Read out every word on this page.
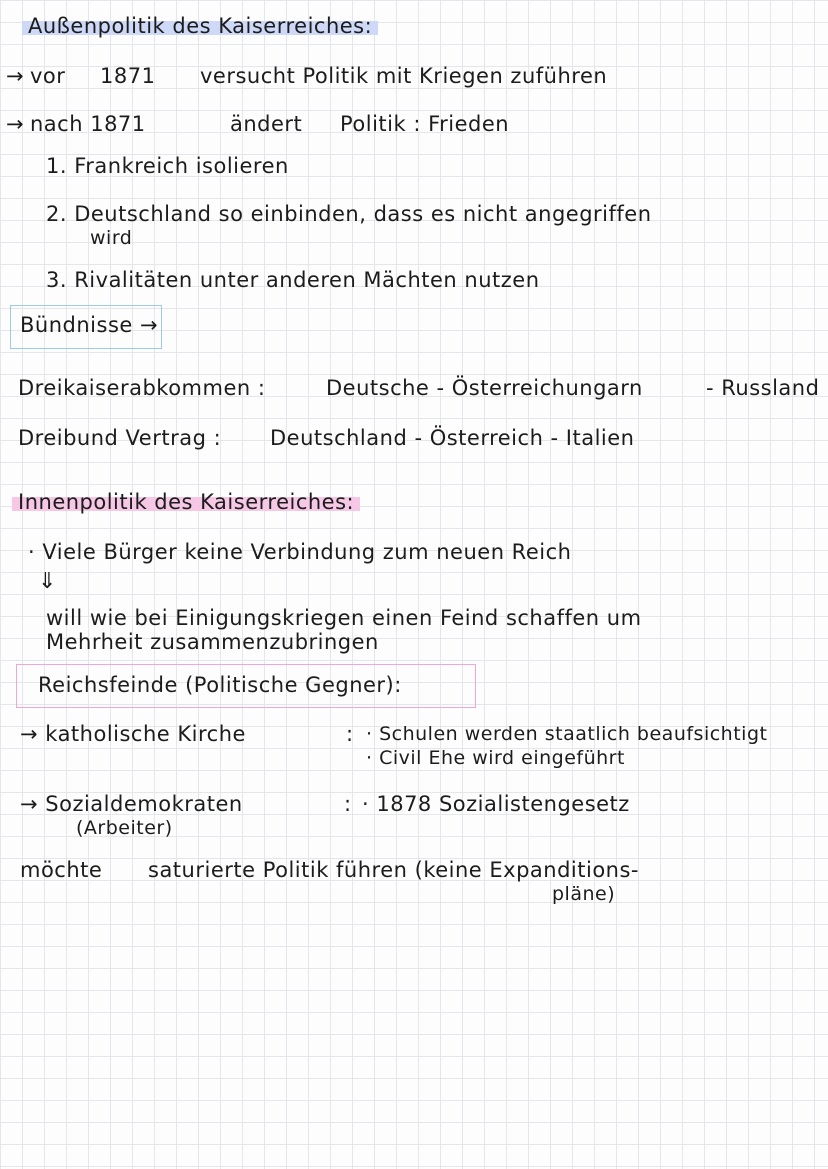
Außenpolitik des Kaiserreiches:
→ vor 1871 versucht Politik mit Kriegen zuführen
→ nach 1871	ändert Politik : Frieden
1. Frankreich isolieren
2. Deutschland so einbinden, dass es nicht angegriffen
wird
3. Rivalitäten unter anderen Mächten nutzen
Bündnisse →
Dreikaiserabkommen :	Deutsche - Österreichungarn	- Russland
Dreibund Vertrag : Deutschland - Österreich - Italien
Innenpolitik des Kaiserreiches:
· Viele Bürger keine Verbindung zum neuen Reich
⇓
will wie bei Einigungskriegen einen Feind schaffen um
Mehrheit zusammenzubringen
Reichsfeinde (Politische Gegner):
→ katholische Kirche	: · Schulen werden staatlich beaufsichtigt
· Civil Ehe wird eingeführt
→ Sozialdemokraten
(Arbeiter)
: · 1878 Sozialistengesetz
möchte saturierte Politik führen (keine Expanditions-
pläne)
